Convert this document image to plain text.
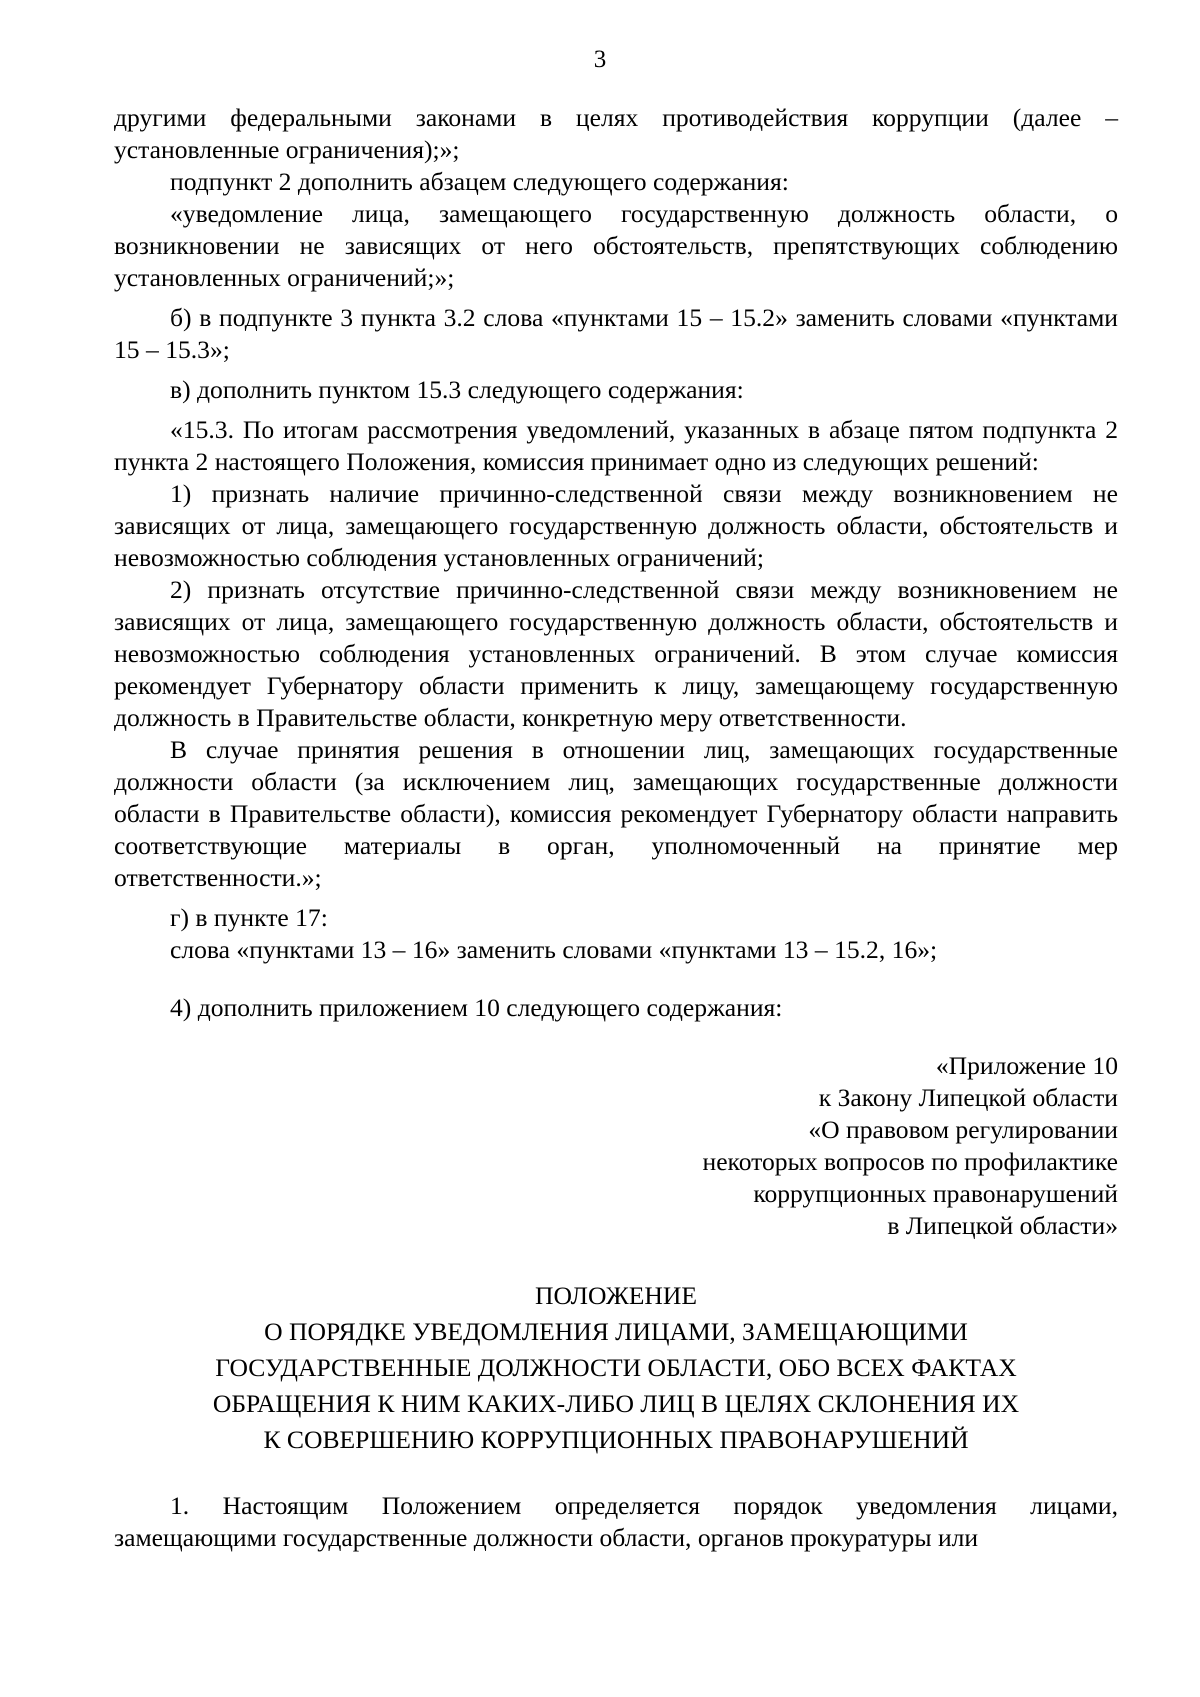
3

другими федеральными законами в целях противодействия коррупции (далее – установленные ограничения);»;

подпункт 2 дополнить абзацем следующего содержания:

«уведомление лица, замещающего государственную должность области, о возникновении не зависящих от него обстоятельств, препятствующих соблюдению установленных ограничений;»;

б) в подпункте 3 пункта 3.2 слова «пунктами 15 – 15.2» заменить словами «пунктами 15 – 15.3»;

в) дополнить пунктом 15.3 следующего содержания:

«15.3. По итогам рассмотрения уведомлений, указанных в абзаце пятом подпункта 2 пункта 2 настоящего Положения, комиссия принимает одно из следующих решений:

1) признать наличие причинно-следственной связи между возникновением не зависящих от лица, замещающего государственную должность области, обстоятельств и невозможностью соблюдения установленных ограничений;

2) признать отсутствие причинно-следственной связи между возникновением не зависящих от лица, замещающего государственную должность области, обстоятельств и невозможностью соблюдения установленных ограничений. В этом случае комиссия рекомендует Губернатору области применить к лицу, замещающему государственную должность в Правительстве области, конкретную меру ответственности.

В случае принятия решения в отношении лиц, замещающих государственные должности области (за исключением лиц, замещающих государственные должности области в Правительстве области), комиссия рекомендует Губернатору области направить соответствующие материалы в орган, уполномоченный на принятие мер ответственности.»;

г) в пункте 17:

слова «пунктами 13 – 16» заменить словами «пунктами 13 – 15.2, 16»;

4) дополнить приложением 10 следующего содержания:

«Приложение 10
к Закону Липецкой области
«О правовом регулировании
некоторых вопросов по профилактике
коррупционных правонарушений
в Липецкой области»
ПОЛОЖЕНИЕ
О ПОРЯДКЕ УВЕДОМЛЕНИЯ ЛИЦАМИ, ЗАМЕЩАЮЩИМИ
ГОСУДАРСТВЕННЫЕ ДОЛЖНОСТИ ОБЛАСТИ, ОБО ВСЕХ ФАКТАХ
ОБРАЩЕНИЯ К НИМ КАКИХ-ЛИБО ЛИЦ В ЦЕЛЯХ СКЛОНЕНИЯ ИХ
К СОВЕРШЕНИЮ КОРРУПЦИОННЫХ ПРАВОНАРУШЕНИЙ

1. Настоящим Положением определяется порядок уведомления лицами, замещающими государственные должности области, органов прокуратуры или
